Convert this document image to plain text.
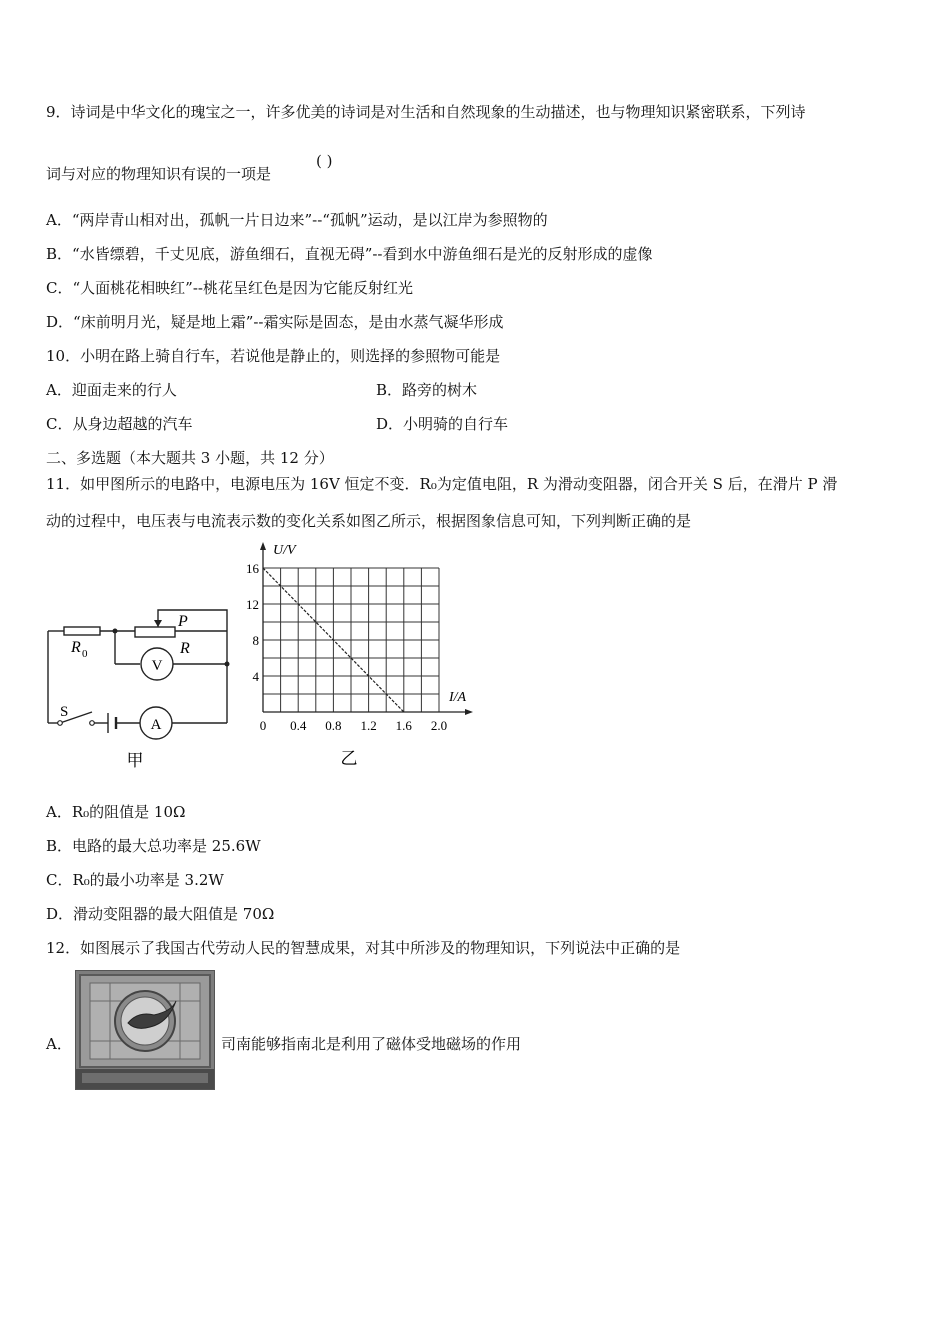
9．诗词是中华文化的瑰宝之一，许多优美的诗词是对生活和自然现象的生动描述，也与物理知识紧密联系，下列诗
词与对应的物理知识有误的一项是
( )
A．“两岸青山相对出，孤帆一片日边来”--“孤帆”运动，是以江岸为参照物的
B．“水皆缥碧，千丈见底，游鱼细石，直视无碍”--看到水中游鱼细石是光的反射形成的虚像
C．“人面桃花相映红”--桃花呈红色是因为它能反射红光
D．“床前明月光，疑是地上霜”--霜实际是固态，是由水蒸气凝华形成
10．小明在路上骑自行车，若说他是静止的，则选择的参照物可能是
A．迎面走来的行人	B．路旁的树木
C．从身边超越的汽车	D．小明骑的自行车
二、多选题（本大题共 3 小题，共 12 分）
11．如甲图所示的电路中，电源电压为 16V 恒定不变．R₀为定值电阻，R 为滑动变阻器，闭合开关 S 后，在滑片 P 滑
动的过程中，电压表与电流表示数的变化关系如图乙所示，根据图象信息可知，下列判断正确的是
R 0
P
R
V
A
S
甲
0 0.4 0.8 1.2 1.6 2.0
4
8
12
16
U/V
I/A
乙
A．R₀的阻值是 10Ω
B．电路的最大总功率是 25.6W
C．R₀的最小功率是 3.2W
D．滑动变阻器的最大阻值是 70Ω
12．如图展示了我国古代劳动人民的智慧成果，对其中所涉及的物理知识，下列说法中正确的是
A．	司南能够指南北是利用了磁体受地磁场的作用
